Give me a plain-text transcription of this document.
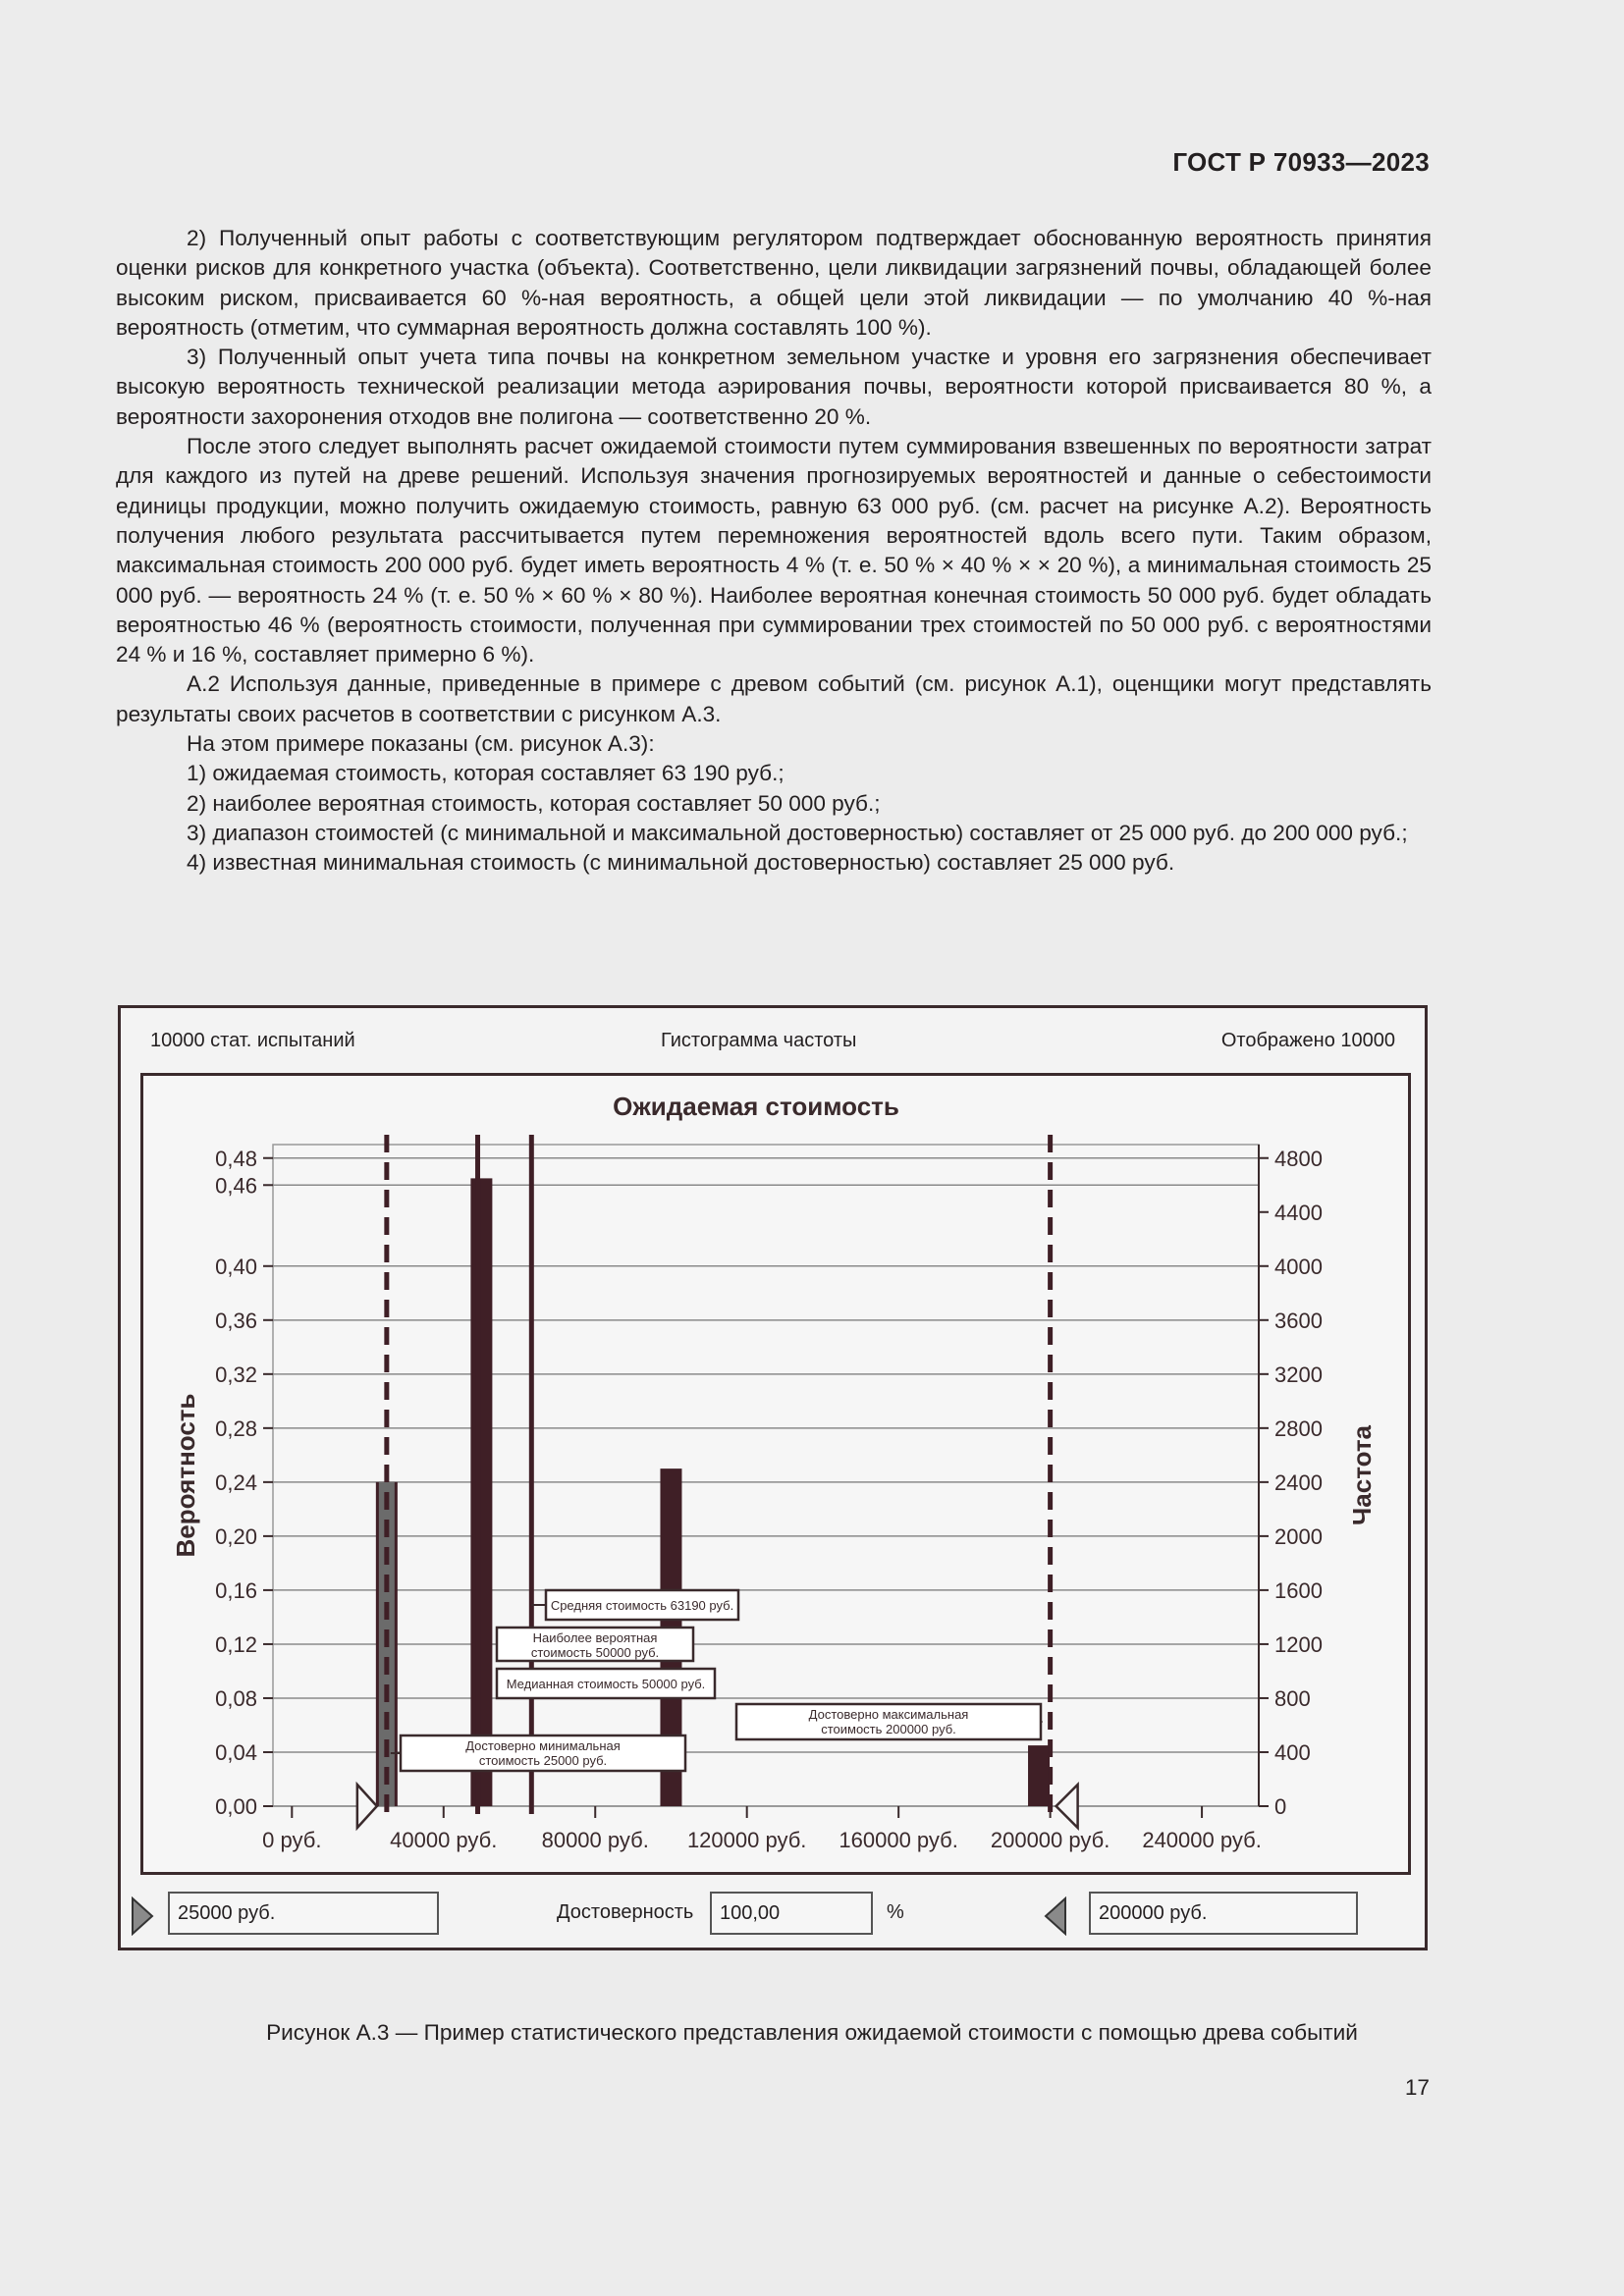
ГОСТ Р 70933—2023

2) Полученный опыт работы с соответствующим регулятором подтверждает обоснованную вероятность принятия оценки рисков для конкретного участка (объекта). Соответственно, цели ликвидации загрязнений почвы, обладающей более высоким риском, присваивается 60 %-ная вероятность, а общей цели этой ликвидации — по умолчанию 40 %-ная вероятность (отметим, что суммарная вероятность должна составлять 100 %).

3) Полученный опыт учета типа почвы на конкретном земельном участке и уровня его загрязнения обеспечивает высокую вероятность технической реализации метода аэрирования почвы, вероятности которой присваивается 80 %, а вероятности захоронения отходов вне полигона — соответственно 20 %.

После этого следует выполнять расчет ожидаемой стоимости путем суммирования взвешенных по вероятности затрат для каждого из путей на древе решений. Используя значения прогнозируемых вероятностей и данные о себестоимости единицы продукции, можно получить ожидаемую стоимость, равную 63 000 руб. (см. расчет на рисунке А.2). Вероятность получения любого результата рассчитывается путем перемножения вероятностей вдоль всего пути. Таким образом, максимальная стоимость 200 000 руб. будет иметь вероятность 4 % (т. е. 50 % × 40 % × × 20 %), а минимальная стоимость 25 000 руб. — вероятность 24 % (т. е. 50 % × 60 % × 80 %). Наиболее вероятная конечная стоимость 50 000 руб. будет обладать вероятностью 46 % (вероятность стоимости, полученная при суммировании трех стоимостей по 50 000 руб. с вероятностями 24 % и 16 %, составляет примерно 6 %).

А.2 Используя данные, приведенные в примере с древом событий (см. рисунок А.1), оценщики могут представлять результаты своих расчетов в соответствии с рисунком А.3.

На этом примере показаны (см. рисунок А.3):

1) ожидаемая стоимость, которая составляет 63 190 руб.;

2) наиболее вероятная стоимость, которая составляет 50 000 руб.;

3) диапазон стоимостей (с минимальной и максимальной достоверностью) составляет от 25 000 руб. до 200 000 руб.;

4) известная минимальная стоимость (с минимальной достоверностью) составляет 25 000 руб.

10000 стат. испытаний	Гистограмма частоты	Отображено 10000
Ожидаемая стоимость
0,00
0,04
0,08
0,12
0,16
0,20
0,24
0,28
0,32
0,36
0,40
0,46
0,48
0
400
800
1200
1600
2000
2400
2800
3200
3600
4000
4400
4800
0 руб.	40000 руб. 80000 руб. 120000 руб. 160000 руб. 200000 руб. 240000 руб.
Вероятность	Частота
Средняя стоимость 63190 руб.
Наиболее вероятная
стоимость 50000 руб.
Медианная стоимость 50000 руб.
Достоверно максимальная
стоимость 200000 руб.
Достоверно минимальная
стоимость 25000 руб.
25000 руб.	Достоверность	100,00	%	200000 руб.
Рисунок А.3 — Пример статистического представления ожидаемой стоимости с помощью древа событий
17
